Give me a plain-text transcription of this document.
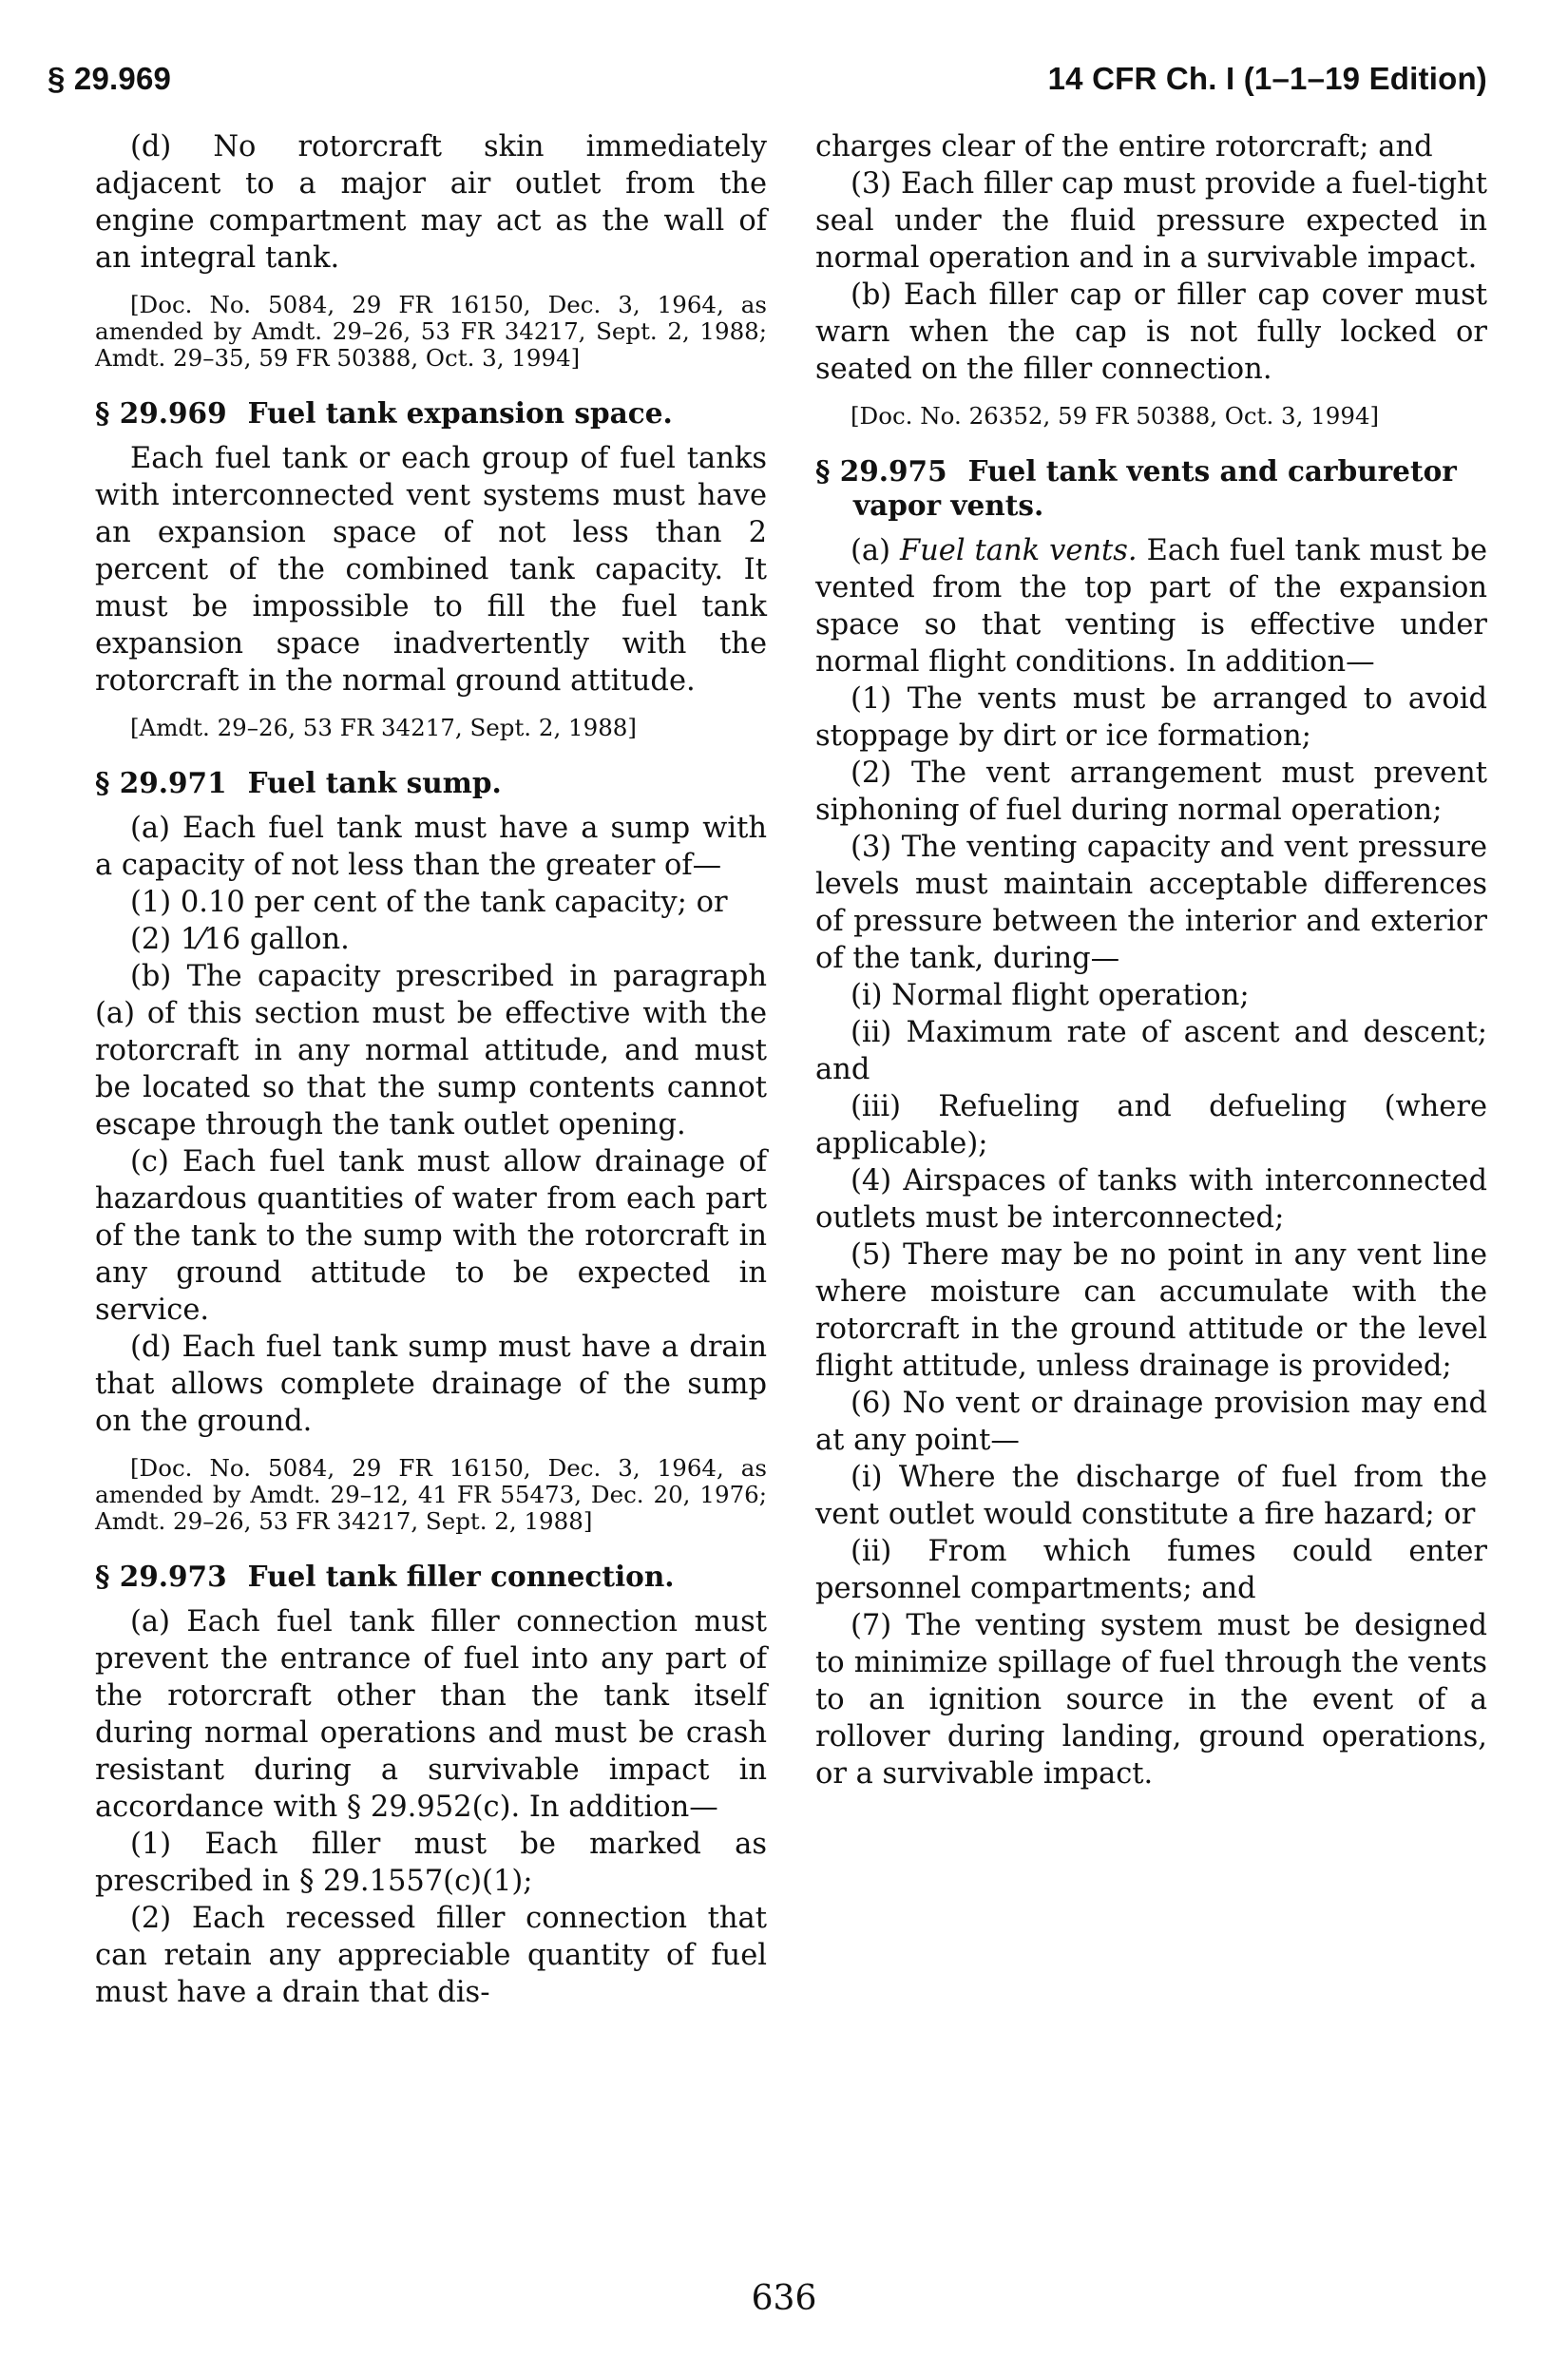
§ 29.969	14 CFR Ch. I (1–1–19 Edition)

(d) No rotorcraft skin immediately adjacent to a major air outlet from the engine compartment may act as the wall of an integral tank.

[Doc. No. 5084, 29 FR 16150, Dec. 3, 1964, as amended by Amdt. 29–26, 53 FR 34217, Sept. 2, 1988; Amdt. 29–35, 59 FR 50388, Oct. 3, 1994]

§ 29.969 Fuel tank expansion space.

Each fuel tank or each group of fuel tanks with interconnected vent systems must have an expansion space of not less than 2 percent of the combined tank capacity. It must be impossible to fill the fuel tank expansion space inadvertently with the rotorcraft in the normal ground attitude.

[Amdt. 29–26, 53 FR 34217, Sept. 2, 1988]

§ 29.971 Fuel tank sump.

(a) Each fuel tank must have a sump with a capacity of not less than the greater of—

(1) 0.10 per cent of the tank capacity; or

(2) 1⁄16 gallon.

(b) The capacity prescribed in paragraph (a) of this section must be effective with the rotorcraft in any normal attitude, and must be located so that the sump contents cannot escape through the tank outlet opening.

(c) Each fuel tank must allow drainage of hazardous quantities of water from each part of the tank to the sump with the rotorcraft in any ground attitude to be expected in service.

(d) Each fuel tank sump must have a drain that allows complete drainage of the sump on the ground.

[Doc. No. 5084, 29 FR 16150, Dec. 3, 1964, as amended by Amdt. 29–12, 41 FR 55473, Dec. 20, 1976; Amdt. 29–26, 53 FR 34217, Sept. 2, 1988]

§ 29.973 Fuel tank filler connection.

(a) Each fuel tank filler connection must prevent the entrance of fuel into any part of the rotorcraft other than the tank itself during normal operations and must be crash resistant during a survivable impact in accordance with § 29.952(c). In addition—

(1) Each filler must be marked as prescribed in § 29.1557(c)(1);

(2) Each recessed filler connection that can retain any appreciable quantity of fuel must have a drain that dis-

charges clear of the entire rotorcraft; and

(3) Each filler cap must provide a fuel-tight seal under the fluid pressure expected in normal operation and in a survivable impact.

(b) Each filler cap or filler cap cover must warn when the cap is not fully locked or seated on the filler connection.

[Doc. No. 26352, 59 FR 50388, Oct. 3, 1994]

§ 29.975 Fuel tank vents and carburetor vapor vents.

(a) Fuel tank vents. Each fuel tank must be vented from the top part of the expansion space so that venting is effective under normal flight conditions. In addition—

(1) The vents must be arranged to avoid stoppage by dirt or ice formation;

(2) The vent arrangement must prevent siphoning of fuel during normal operation;

(3) The venting capacity and vent pressure levels must maintain acceptable differences of pressure between the interior and exterior of the tank, during—

(i) Normal flight operation;

(ii) Maximum rate of ascent and descent; and

(iii) Refueling and defueling (where applicable);

(4) Airspaces of tanks with interconnected outlets must be interconnected;

(5) There may be no point in any vent line where moisture can accumulate with the rotorcraft in the ground attitude or the level flight attitude, unless drainage is provided;

(6) No vent or drainage provision may end at any point—

(i) Where the discharge of fuel from the vent outlet would constitute a fire hazard; or

(ii) From which fumes could enter personnel compartments; and

(7) The venting system must be designed to minimize spillage of fuel through the vents to an ignition source in the event of a rollover during landing, ground operations, or a survivable impact.

636
